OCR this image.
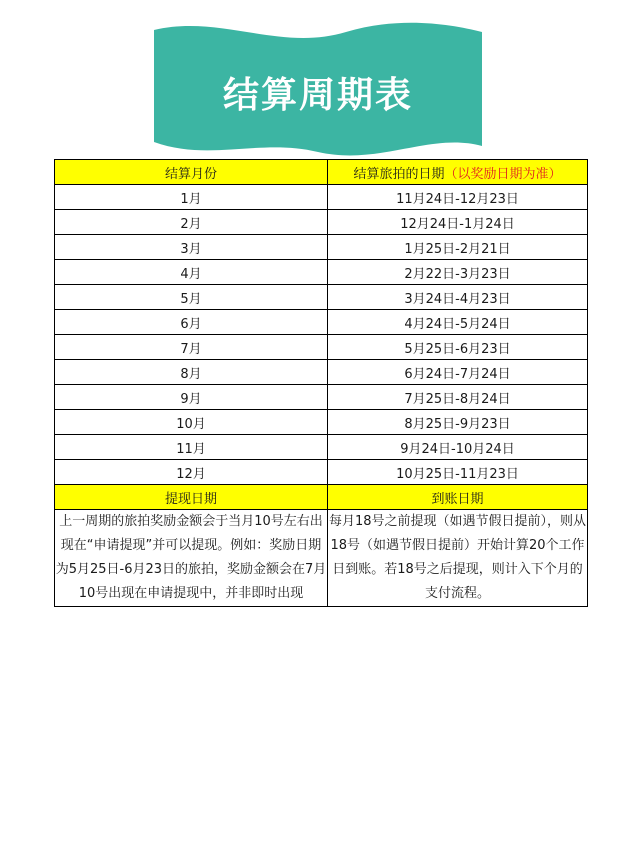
结算周期表
结算月份	结算旅拍的日期（以奖励日期为准）
1月	11月24日-12月23日
2月	12月24日-1月24日
3月	1月25日-2月21日
4月	2月22日-3月23日
5月	3月24日-4月23日
6月	4月24日-5月24日
7月	5月25日-6月23日
8月	6月24日-7月24日
9月	7月25日-8月24日
10月	8月25日-9月23日
11月	9月24日-10月24日
12月	10月25日-11月23日
提现日期	到账日期
上一周期的旅拍奖励金额会于当月10号左右出现在“申请提现”并可以提现。例如：奖励日期为5月25日-6月23日的旅拍，奖励金额会在7月10号出现在申请提现中，并非即时出现	每月18号之前提现（如遇节假日提前），则从18号（如遇节假日提前）开始计算20个工作日到账。若18号之后提现，则计入下个月的支付流程。
